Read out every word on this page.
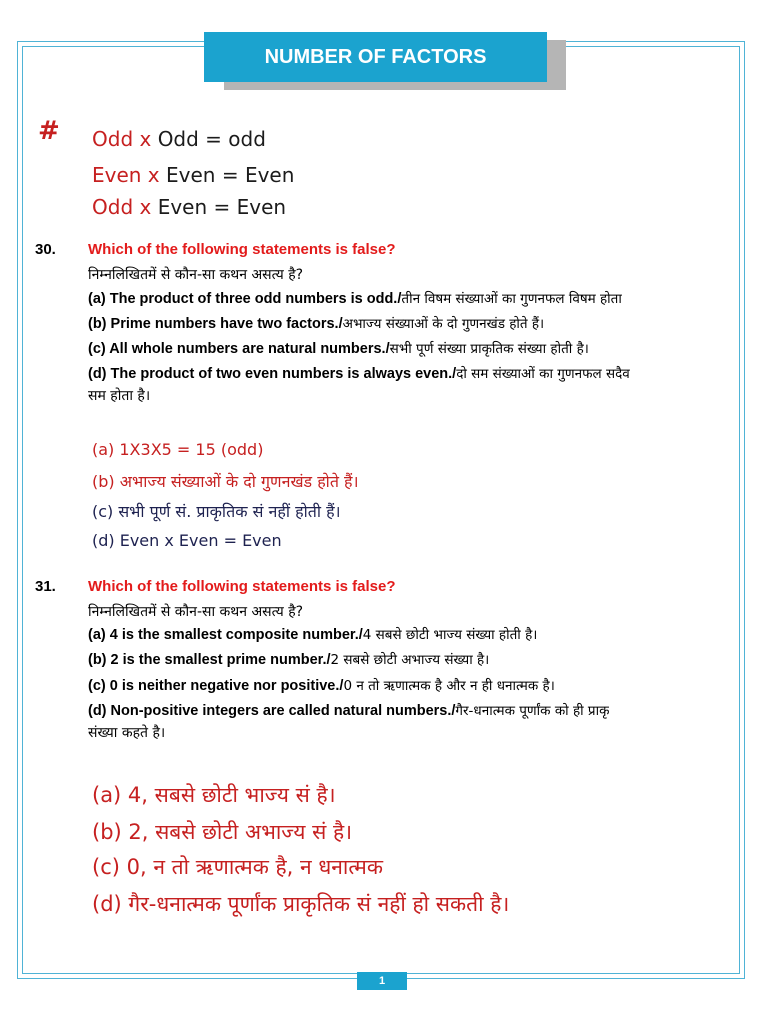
NUMBER OF FACTORS
# Odd x Odd = odd
Even x Even = Even
Odd x Even = Even
30. Which of the following statements is false?
निम्नलिखितमें से कौन-सा कथन असत्य है?
(a) The product of three odd numbers is odd./तीन विषम संख्याओं का गुणनफल विषम होता
(b) Prime numbers have two factors./अभाज्य संख्याओं के दो गुणनखंड होते हैं।
(c) All whole numbers are natural numbers./सभी पूर्ण संख्या प्राकृतिक संख्या होती है।
(d) The product of two even numbers is always even./दो सम संख्याओं का गुणनफल सदैव
सम होता है।
(a) 1X3X5 = 15 (odd)
(b) अभाज्य संख्याओं के दो गुणनखंड होते हैं।
(c) सभी पूर्ण सं. प्राकृतिक सं नहीं होती हैं।
(d) Even x Even = Even
31. Which of the following statements is false?
निम्नलिखितमें से कौन-सा कथन असत्य है?
(a) 4 is the smallest composite number./4 सबसे छोटी भाज्य संख्या होती है।
(b) 2 is the smallest prime number./2 सबसे छोटी अभाज्य संख्या है।
(c) 0 is neither negative nor positive./0 न तो ऋणात्मक है और न ही धनात्मक है।
(d) Non-positive integers are called natural numbers./गैर-धनात्मक पूर्णांक को ही प्राकृ
संख्या कहते है।
(a) 4, सबसे छोटी भाज्य सं है।
(b) 2, सबसे छोटी अभाज्य सं है।
(c) 0, न तो ऋणात्मक है, न धनात्मक
(d) गैर-धनात्मक पूर्णांक प्राकृतिक सं नहीं हो सकती है।
1
